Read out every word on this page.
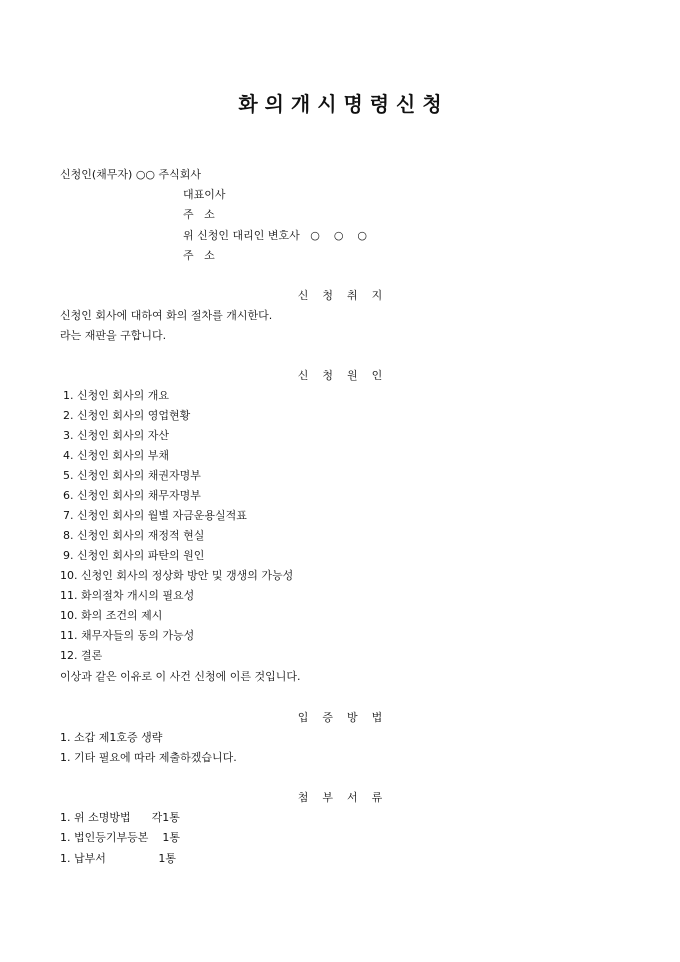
화 의 개 시 명 령 신 청
신청인(채무자) ○○ 주식회사
대표이사
주   소
위 신청인 대리인 변호사   ○    ○    ○
주   소
신    청    취    지
신청인 회사에 대하여 화의 절차를 개시한다.
라는 재판을 구합니다.
신    청    원    인
1. 신청인 회사의 개요
2. 신청인 회사의 영업현황
3. 신청인 회사의 자산
4. 신청인 회사의 부채
5. 신청인 회사의 채권자명부
6. 신청인 회사의 채무자명부
7. 신청인 회사의 월별 자금운용실적표
8. 신청인 회사의 재정적 현실
9. 신청인 회사의 파탄의 원인
10. 신청인 회사의 정상화 방안 및 갱생의 가능성
11. 화의절차 개시의 필요성
10. 화의 조건의 제시
11. 채무자들의 동의 가능성
12. 결론
이상과 같은 이유로 이 사건 신청에 이른 것입니다.
입    증    방    법
1. 소갑 제1호증 생략
1. 기타 필요에 따라 제출하겠습니다.
첨    부    서    류
1. 위 소명방법      각1통
1. 법인등기부등본    1통
1. 납부서               1통
